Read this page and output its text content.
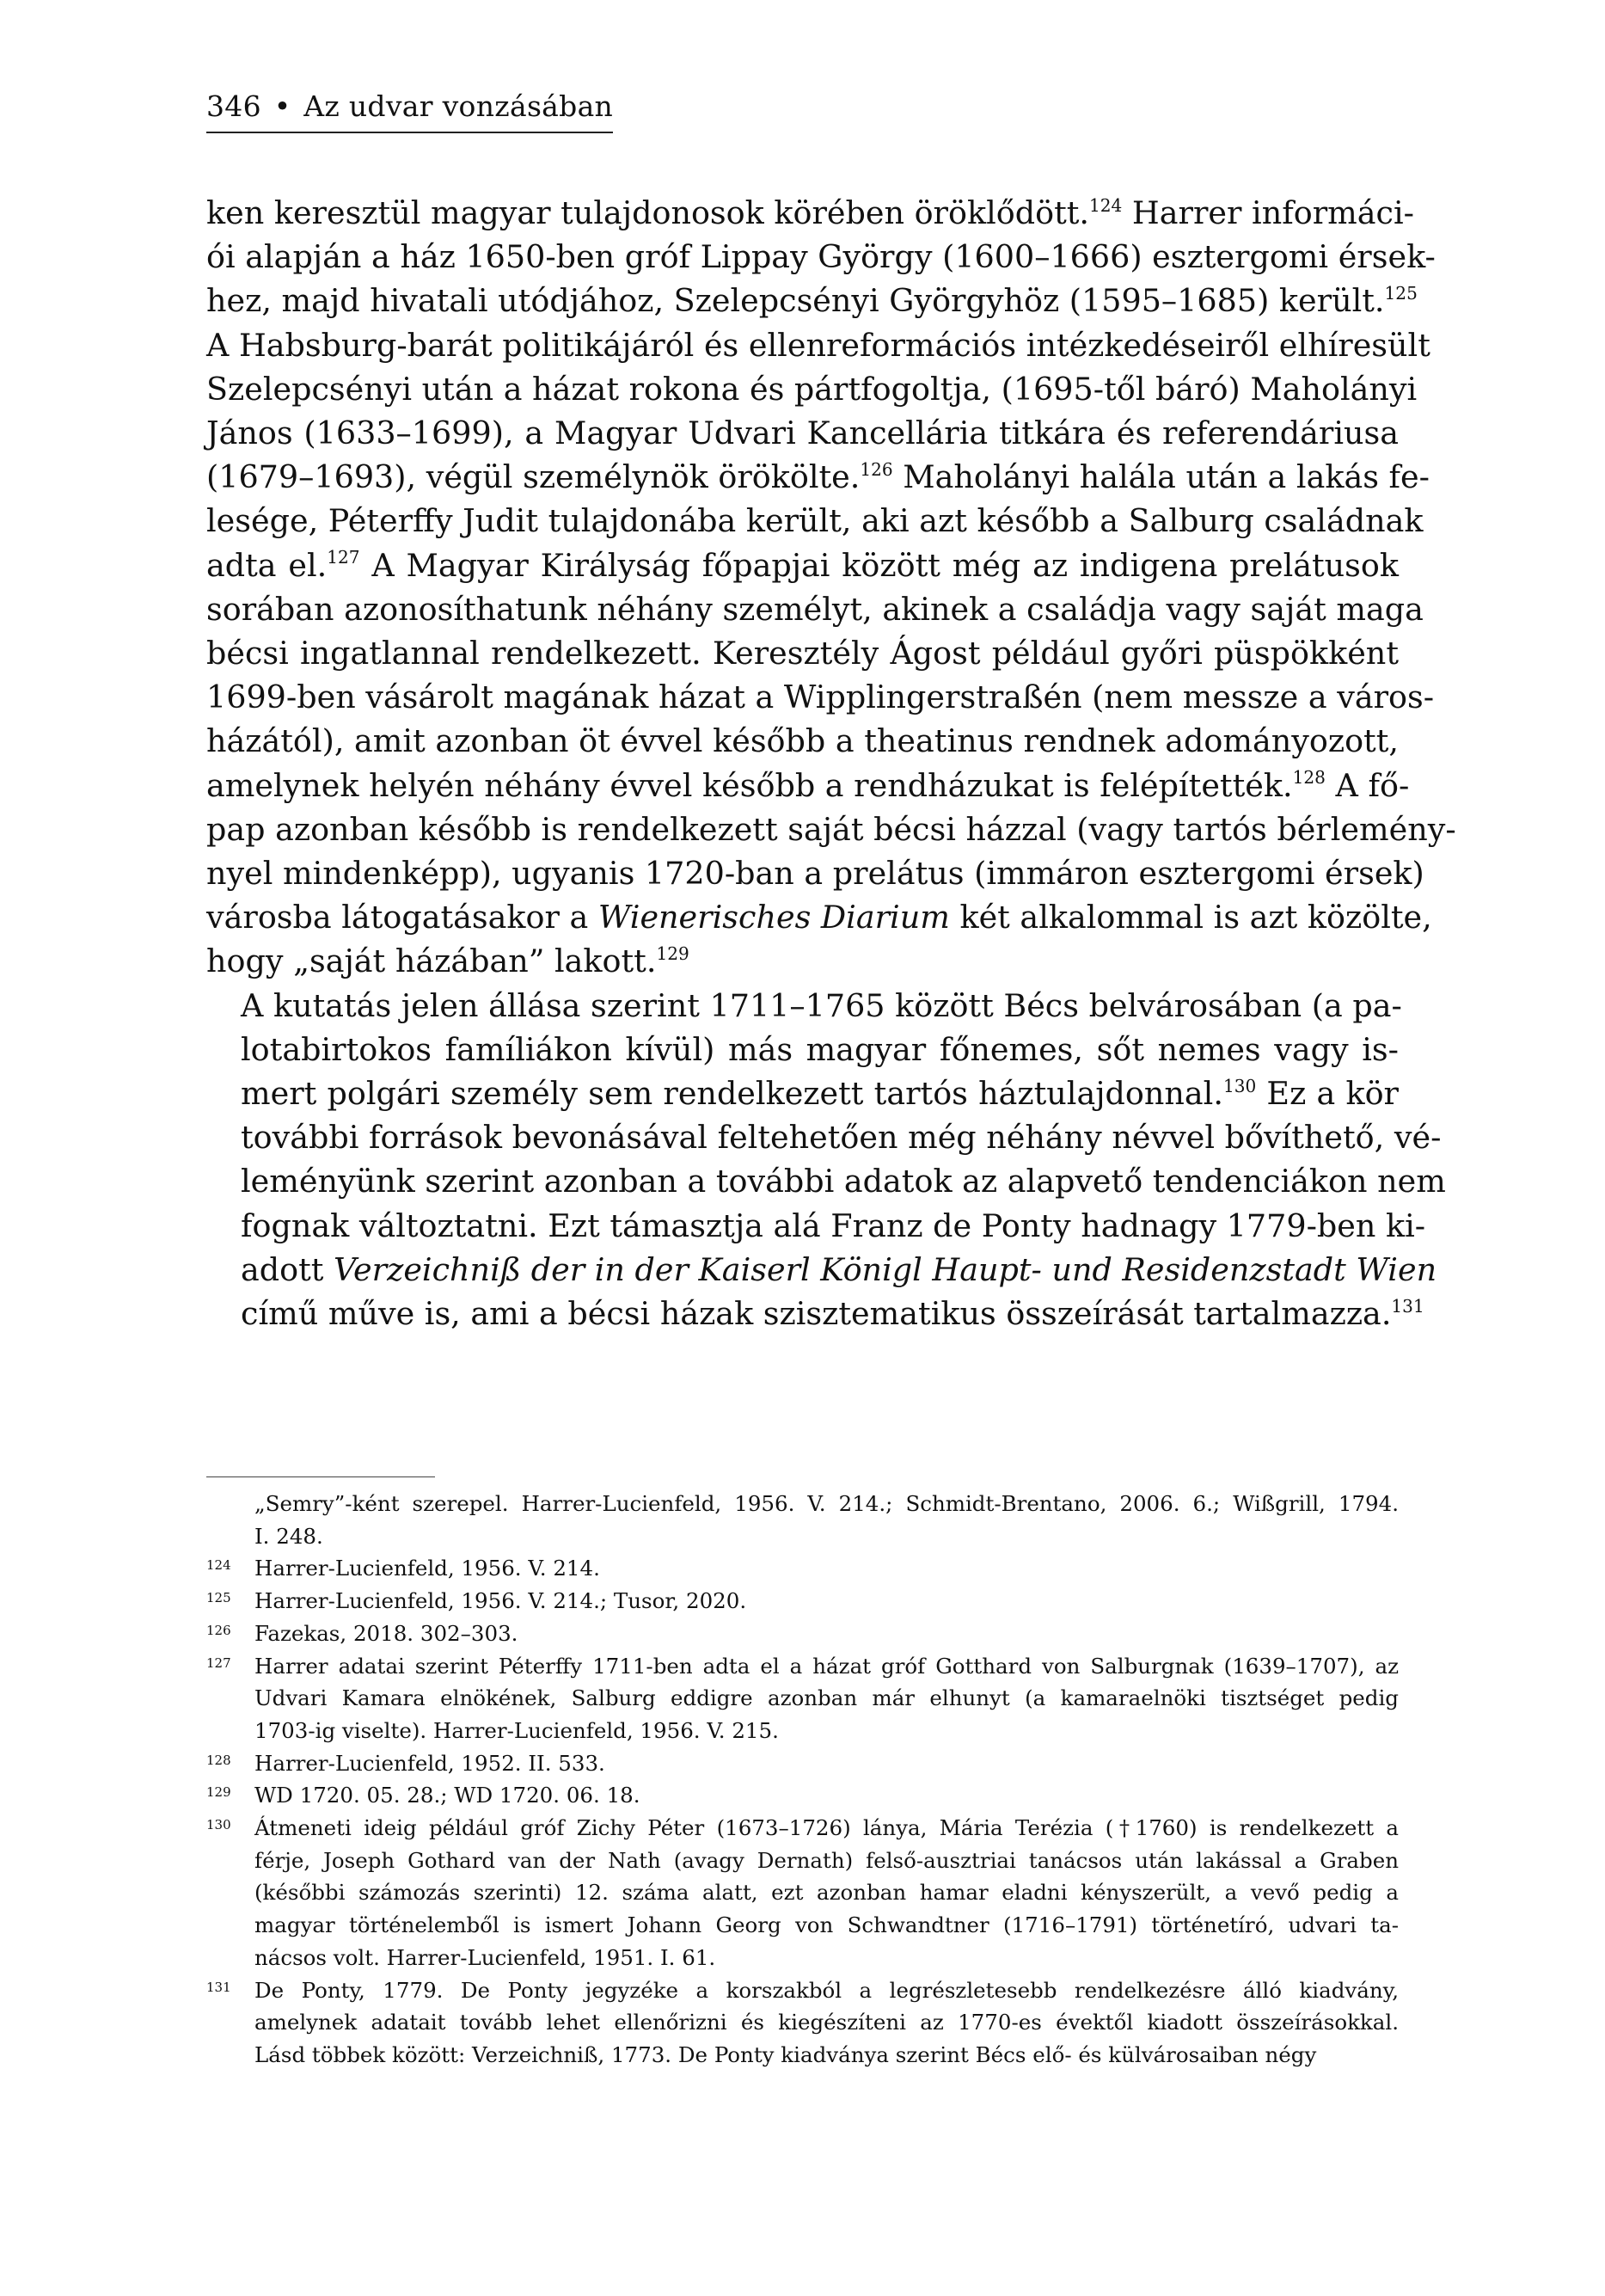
346 • Az udvar vonzásában

ken keresztül magyar tulajdonosok körében öröklődött.$^{124}$ Harrer informáci-
ói alapján a ház 1650-ben gróf Lippay György (1600–1666) esztergomi érsek-
hez, majd hivatali utódjához, Szelepcsényi Györgyhöz (1595–1685) került.$^{125}$
A Habsburg-barát politikájáról és ellenreformációs intézkedéseiről elhíresült
Szelepcsényi után a házat rokona és pártfogoltja, (1695-től báró) Maholányi
János (1633–1699), a Magyar Udvari Kancellária titkára és referendáriusa
(1679–1693), végül személynök örökölte.$^{126}$ Maholányi halála után a lakás fe-
lesége, Péterffy Judit tulajdonába került, aki azt később a Salburg családnak
adta el.$^{127}$ A Magyar Királyság főpapjai között még az indigena prelátusok
sorában azonosíthatunk néhány személyt, akinek a családja vagy saját maga
bécsi ingatlannal rendelkezett. Keresztély Ágost például győri püspökként
1699-ben vásárolt magának házat a Wipplingerstraßén (nem messze a város-
házától), amit azonban öt évvel később a theatinus rendnek adományozott,
amelynek helyén néhány évvel később a rendházukat is felépítették.$^{128}$ A fő-
pap azonban később is rendelkezett saját bécsi házzal (vagy tartós bérlemény-
nyel mindenképp), ugyanis 1720-ban a prelátus (immáron esztergomi érsek)
városba látogatásakor a Wienerisches Diarium két alkalommal is azt közölte,
hogy „saját házában” lakott.$^{129}$

A kutatás jelen állása szerint 1711–1765 között Bécs belvárosában (a pa-
lotabirtokos famíliákon kívül) más magyar főnemes, sőt nemes vagy is-
mert polgári személy sem rendelkezett tartós háztulajdonnal.$^{130}$ Ez a kör
további források bevonásával feltehetően még néhány névvel bővíthető, vé-
leményünk szerint azonban a további adatok az alapvető tendenciákon nem
fognak változtatni. Ezt támasztja alá Franz de Ponty hadnagy 1779-ben ki-
adott Verzeichniß der in der Kaiserl Königl Haupt- und Residenzstadt Wien
című műve is, ami a bécsi házak szisztematikus összeírását tartalmazza.$^{131}$

„Semry”-ként szerepel. Harrer-Lucienfeld, 1956. V. 214.; Schmidt-Brentano, 2006. 6.; Wißgrill, 1794.
I. 248.
124 Harrer-Lucienfeld, 1956. V. 214.
125 Harrer-Lucienfeld, 1956. V. 214.; Tusor, 2020.
126 Fazekas, 2018. 302–303.
127 Harrer adatai szerint Péterffy 1711-ben adta el a házat gróf Gotthard von Salburgnak (1639–1707), az
Udvari Kamara elnökének, Salburg eddigre azonban már elhunyt (a kamaraelnöki tisztséget pedig
1703-ig viselte). Harrer-Lucienfeld, 1956. V. 215.
128 Harrer-Lucienfeld, 1952. II. 533.
129 WD 1720. 05. 28.; WD 1720. 06. 18.
130 Átmeneti ideig például gróf Zichy Péter (1673–1726) lánya, Mária Terézia (†1760) is rendelkezett a
férje, Joseph Gothard van der Nath (avagy Dernath) felső-ausztriai tanácsos után lakással a Graben
(későbbi számozás szerinti) 12. száma alatt, ezt azonban hamar eladni kényszerült, a vevő pedig a
magyar történelemből is ismert Johann Georg von Schwandtner (1716–1791) történetíró, udvari ta-
nácsos volt. Harrer-Lucienfeld, 1951. I. 61.
131 De Ponty, 1779. De Ponty jegyzéke a korszakból a legrészletesebb rendelkezésre álló kiadvány,
amelynek adatait tovább lehet ellenőrizni és kiegészíteni az 1770-es évektől kiadott összeírásokkal.
Lásd többek között: Verzeichniß, 1773. De Ponty kiadványa szerint Bécs elő- és külvárosaiban négy
